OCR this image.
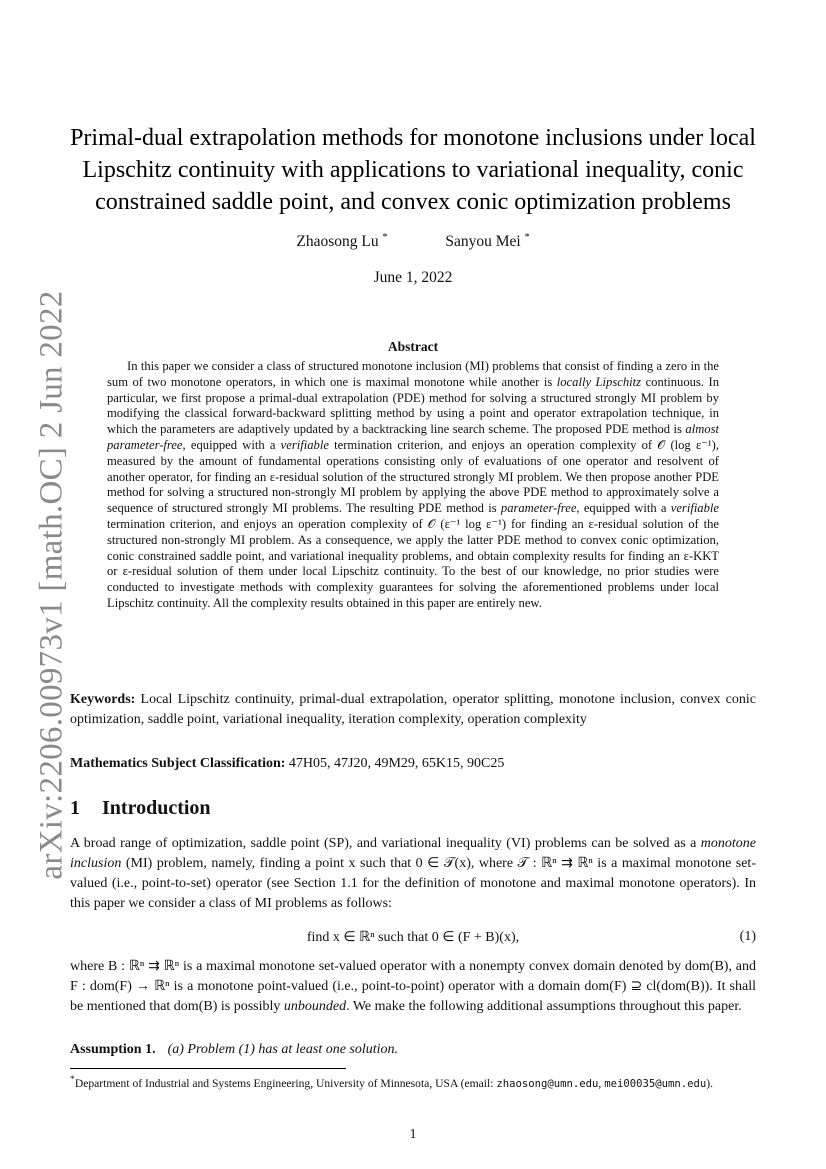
arXiv:2206.00973v1 [math.OC] 2 Jun 2022
Primal-dual extrapolation methods for monotone inclusions under local
Lipschitz continuity with applications to variational inequality, conic
constrained saddle point, and convex conic optimization problems
Zhaosong Lu *	Sanyou Mei *
June 1, 2022
Abstract
In this paper we consider a class of structured monotone inclusion (MI) problems that consist of finding a zero in the sum of two monotone operators, in which one is maximal monotone while another is locally Lipschitz continuous. In particular, we first propose a primal-dual extrapolation (PDE) method for solving a structured strongly MI problem by modifying the classical forward-backward splitting method by using a point and operator extrapolation technique, in which the parameters are adaptively updated by a backtracking line search scheme. The proposed PDE method is almost parameter-free, equipped with a verifiable termination criterion, and enjoys an operation complexity of 𝒪 (log ε⁻¹), measured by the amount of fundamental operations consisting only of evaluations of one operator and resolvent of another operator, for finding an ε-residual solution of the structured strongly MI problem. We then propose another PDE method for solving a structured non-strongly MI problem by applying the above PDE method to approximately solve a sequence of structured strongly MI problems. The resulting PDE method is parameter-free, equipped with a verifiable termination criterion, and enjoys an operation complexity of 𝒪 (ε⁻¹ log ε⁻¹) for finding an ε-residual solution of the structured non-strongly MI problem. As a consequence, we apply the latter PDE method to convex conic optimization, conic constrained saddle point, and variational inequality problems, and obtain complexity results for finding an ε-KKT or ε-residual solution of them under local Lipschitz continuity. To the best of our knowledge, no prior studies were conducted to investigate methods with complexity guarantees for solving the aforementioned problems under local Lipschitz continuity. All the complexity results obtained in this paper are entirely new.
Keywords: Local Lipschitz continuity, primal-dual extrapolation, operator splitting, monotone inclusion, convex conic optimization, saddle point, variational inequality, iteration complexity, operation complexity
Mathematics Subject Classification: 47H05, 47J20, 49M29, 65K15, 90C25
1 Introduction
A broad range of optimization, saddle point (SP), and variational inequality (VI) problems can be solved as a monotone inclusion (MI) problem, namely, finding a point x such that 0 ∈ 𝒯(x), where 𝒯 : ℝⁿ ⇉ ℝⁿ is a maximal monotone set-valued (i.e., point-to-set) operator (see Section 1.1 for the definition of monotone and maximal monotone operators). In this paper we consider a class of MI problems as follows:
find x ∈ ℝⁿ such that 0 ∈ (F + B)(x),	(1)
where B : ℝⁿ ⇉ ℝⁿ is a maximal monotone set-valued operator with a nonempty convex domain denoted by dom(B), and F : dom(F) → ℝⁿ is a monotone point-valued (i.e., point-to-point) operator with a domain dom(F) ⊇ cl(dom(B)). It shall be mentioned that dom(B) is possibly unbounded. We make the following additional assumptions throughout this paper.
Assumption 1. (a) Problem (1) has at least one solution.
*Department of Industrial and Systems Engineering, University of Minnesota, USA (email: zhaosong@umn.edu, mei00035@umn.edu).
1
